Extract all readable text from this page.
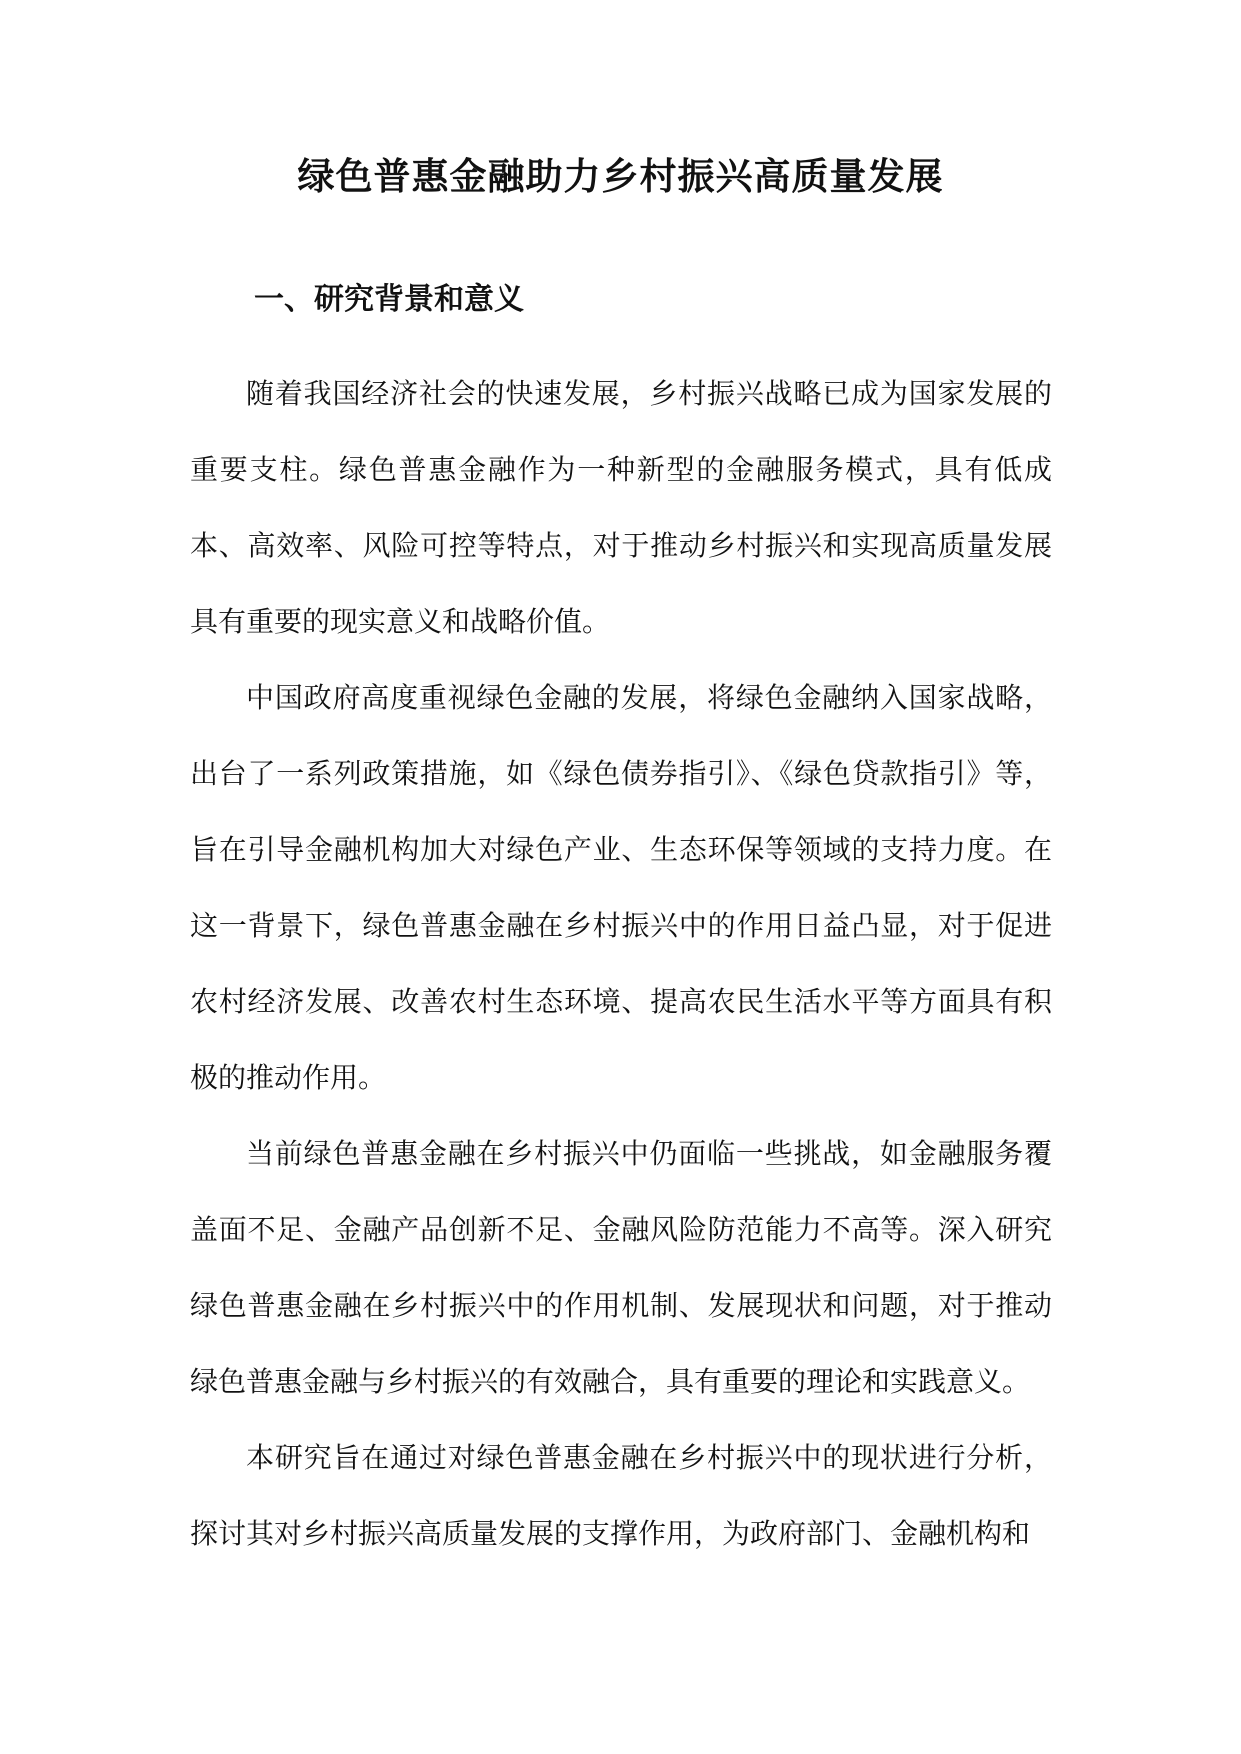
绿色普惠金融助力乡村振兴高质量发展
一、研究背景和意义

随着我国经济社会的快速发展，乡村振兴战略已成为国家发展的重要支柱。绿色普惠金融作为一种新型的金融服务模式，具有低成本、高效率、风险可控等特点，对于推动乡村振兴和实现高质量发展具有重要的现实意义和战略价值。

中国政府高度重视绿色金融的发展，将绿色金融纳入国家战略，出台了一系列政策措施，如《绿色债券指引》、《绿色贷款指引》等，旨在引导金融机构加大对绿色产业、生态环保等领域的支持力度。在这一背景下，绿色普惠金融在乡村振兴中的作用日益凸显，对于促进农村经济发展、改善农村生态环境、提高农民生活水平等方面具有积极的推动作用。

当前绿色普惠金融在乡村振兴中仍面临一些挑战，如金融服务覆盖面不足、金融产品创新不足、金融风险防范能力不高等。深入研究绿色普惠金融在乡村振兴中的作用机制、发展现状和问题，对于推动绿色普惠金融与乡村振兴的有效融合，具有重要的理论和实践意义。

本研究旨在通过对绿色普惠金融在乡村振兴中的现状进行分析，探讨其对乡村振兴高质量发展的支撑作用，为政府部门、金融机构和
